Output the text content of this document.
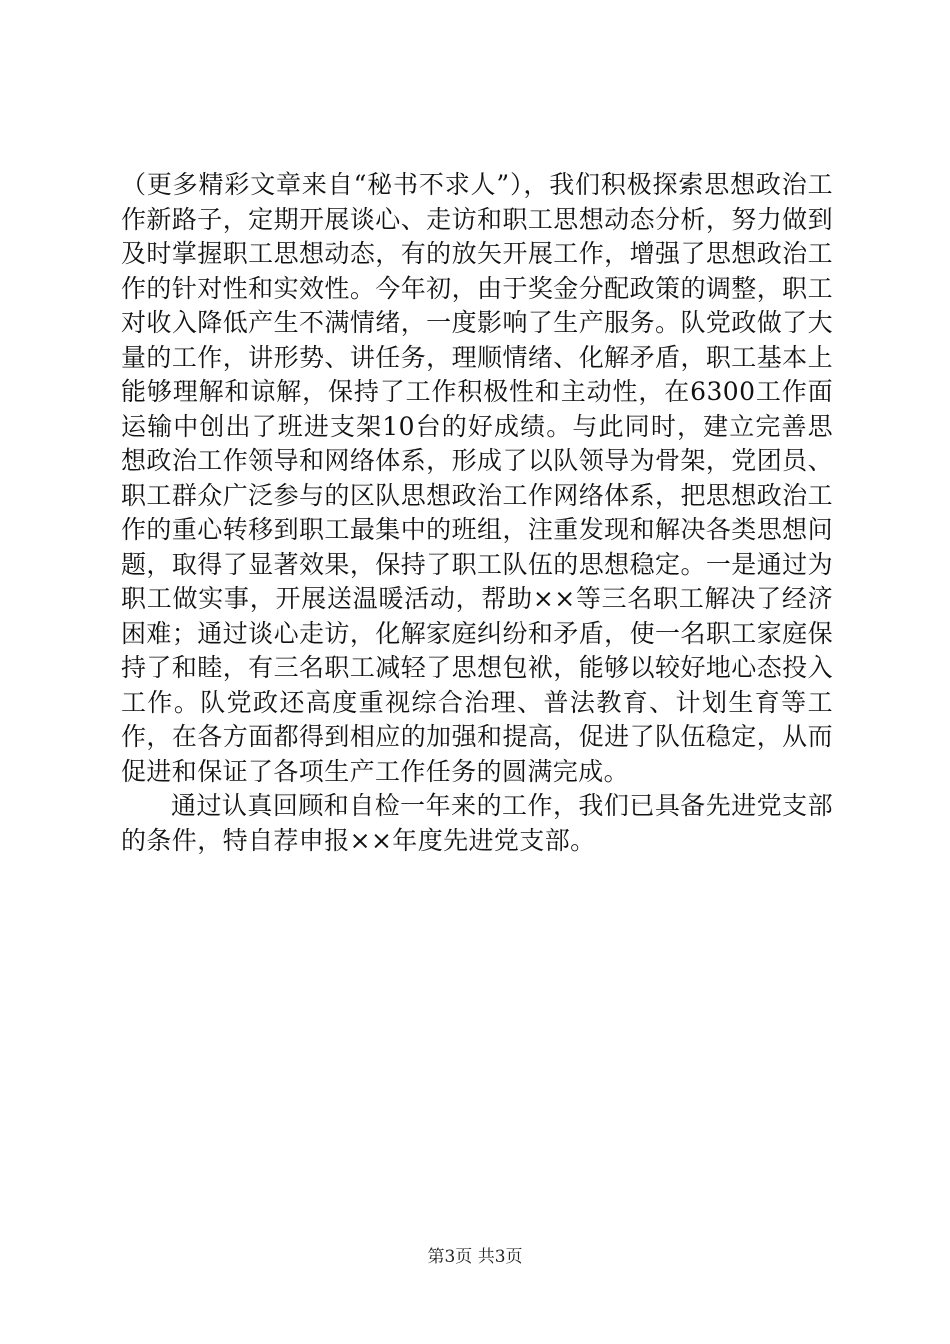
（更多精彩文章来自“秘书不求人”），我们积极探索思想政治工作新路子，定期开展谈心、走访和职工思想动态分析，努力做到及时掌握职工思想动态，有的放矢开展工作，增强了思想政治工作的针对性和实效性。今年初，由于奖金分配政策的调整，职工对收入降低产生不满情绪，一度影响了生产服务。队党政做了大量的工作，讲形势、讲任务，理顺情绪、化解矛盾，职工基本上能够理解和谅解，保持了工作积极性和主动性，在6300工作面运输中创出了班进支架10台的好成绩。与此同时，建立完善思想政治工作领导和网络体系，形成了以队领导为骨架，党团员、职工群众广泛参与的区队思想政治工作网络体系，把思想政治工作的重心转移到职工最集中的班组，注重发现和解决各类思想问题，取得了显著效果，保持了职工队伍的思想稳定。一是通过为职工做实事，开展送温暖活动，帮助××等三名职工解决了经济困难；通过谈心走访，化解家庭纠纷和矛盾，使一名职工家庭保持了和睦，有三名职工减轻了思想包袱，能够以较好地心态投入工作。队党政还高度重视综合治理、普法教育、计划生育等工作，在各方面都得到相应的加强和提高，促进了队伍稳定，从而促进和保证了各项生产工作任务的圆满完成。

通过认真回顾和自检一年来的工作，我们已具备先进党支部的条件，特自荐申报××年度先进党支部。

第3页 共3页
